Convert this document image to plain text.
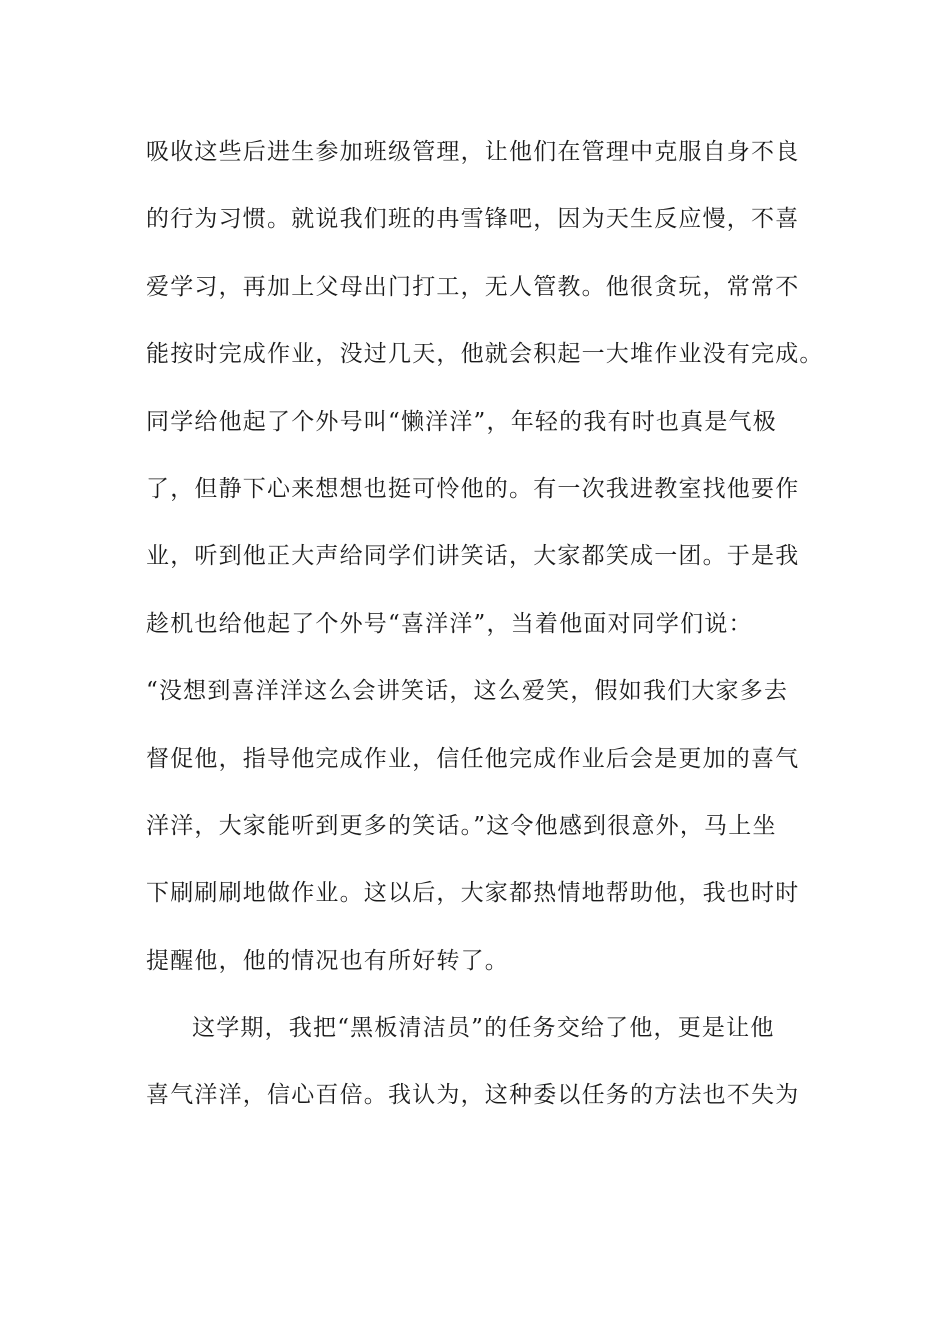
吸收这些后进生参加班级管理，让他们在管理中克服自身不良
的行为习惯。就说我们班的冉雪锋吧，因为天生反应慢，不喜
爱学习，再加上父母出门打工，无人管教。他很贪玩，常常不
能按时完成作业，没过几天，他就会积起一大堆作业没有完成。
同学给他起了个外号叫“懒洋洋”，年轻的我有时也真是气极
了，但静下心来想想也挺可怜他的。有一次我进教室找他要作
业，听到他正大声给同学们讲笑话，大家都笑成一团。于是我
趁机也给他起了个外号“喜洋洋”，当着他面对同学们说：
“没想到喜洋洋这么会讲笑话，这么爱笑，假如我们大家多去
督促他，指导他完成作业，信任他完成作业后会是更加的喜气
洋洋，大家能听到更多的笑话。”这令他感到很意外，马上坐
下刷刷刷地做作业。这以后，大家都热情地帮助他，我也时时
提醒他，他的情况也有所好转了。
这学期，我把“黑板清洁员”的任务交给了他，更是让他
喜气洋洋，信心百倍。我认为，这种委以任务的方法也不失为
